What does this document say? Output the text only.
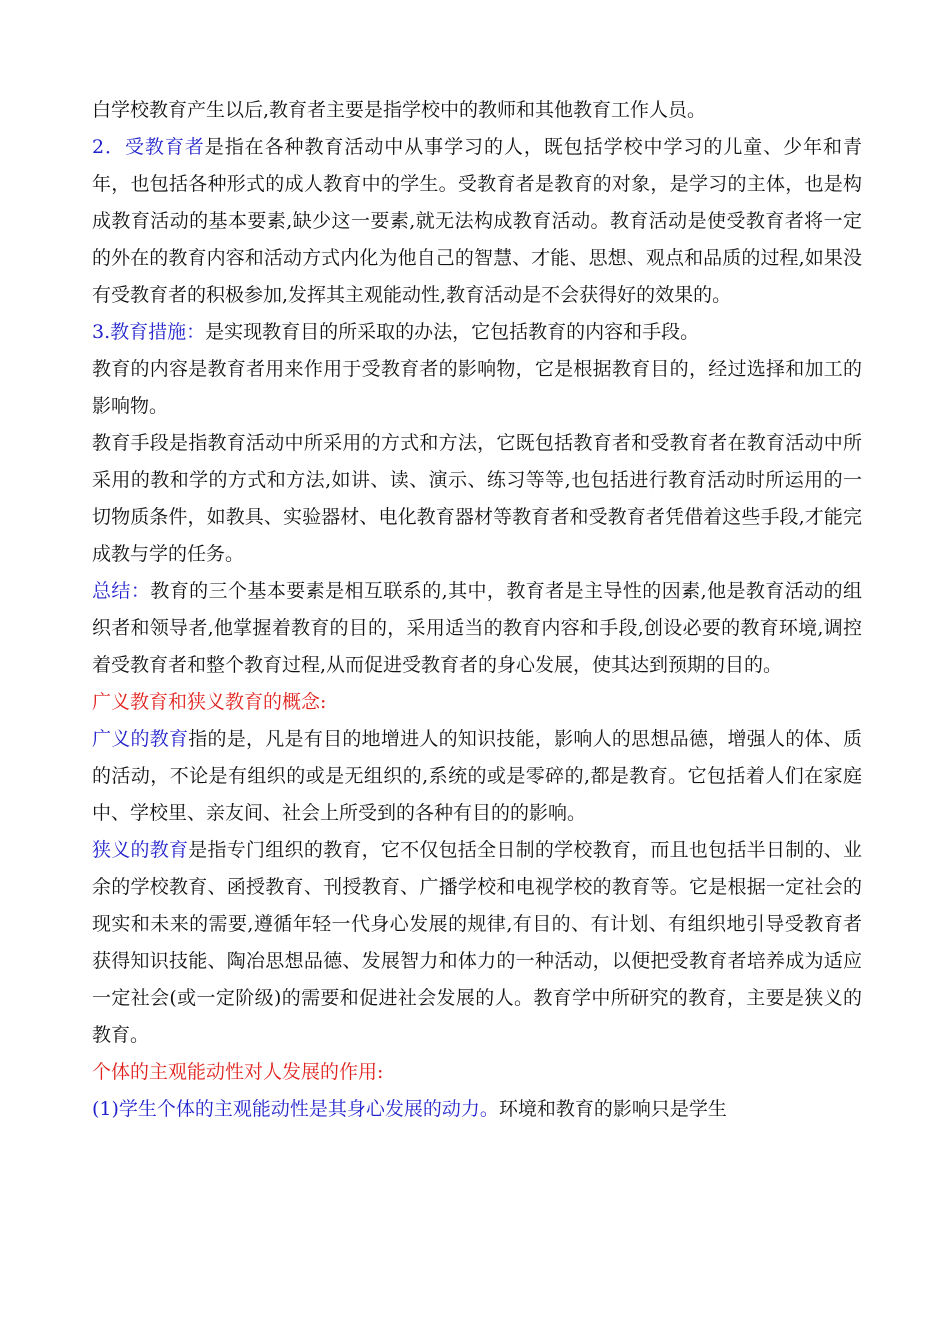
白学校教育产生以后,教育者主要是指学校中的教师和其他教育工作人员。

2．受教育者是指在各种教育活动中从事学习的人，既包括学校中学习的儿童、少年和青年，也包括各种形式的成人教育中的学生。受教育者是教育的对象，是学习的主体，也是构成教育活动的基本要素,缺少这一要素,就无法构成教育活动。教育活动是使受教育者将一定的外在的教育内容和活动方式内化为他自己的智慧、才能、思想、观点和品质的过程,如果没有受教育者的积极参加,发挥其主观能动性,教育活动是不会获得好的效果的。

3.教育措施：是实现教育目的所采取的办法，它包括教育的内容和手段。

教育的内容是教育者用来作用于受教育者的影响物，它是根据教育目的，经过选择和加工的影响物。

教育手段是指教育活动中所采用的方式和方法，它既包括教育者和受教育者在教育活动中所采用的教和学的方式和方法,如讲、读、演示、练习等等,也包括进行教育活动时所运用的一切物质条件，如教具、实验器材、电化教育器材等教育者和受教育者凭借着这些手段,才能完成教与学的任务。

总结：教育的三个基本要素是相互联系的,其中，教育者是主导性的因素,他是教育活动的组织者和领导者,他掌握着教育的目的，采用适当的教育内容和手段,创设必要的教育环境,调控着受教育者和整个教育过程,从而促进受教育者的身心发展，使其达到预期的目的。

广义教育和狭义教育的概念:

广义的教育指的是，凡是有目的地增进人的知识技能，影响人的思想品德，增强人的体、质的活动，不论是有组织的或是无组织的,系统的或是零碎的,都是教育。它包括着人们在家庭中、学校里、亲友间、社会上所受到的各种有目的的影响。

狭义的教育是指专门组织的教育，它不仅包括全日制的学校教育，而且也包括半日制的、业余的学校教育、函授教育、刊授教育、广播学校和电视学校的教育等。它是根据一定社会的现实和未来的需要,遵循年轻一代身心发展的规律,有目的、有计划、有组织地引导受教育者获得知识技能、陶冶思想品德、发展智力和体力的一种活动，以便把受教育者培养成为适应一定社会(或一定阶级)的需要和促进社会发展的人。教育学中所研究的教育，主要是狭义的教育。

个体的主观能动性对人发展的作用:

(1)学生个体的主观能动性是其身心发展的动力。环境和教育的影响只是学生
